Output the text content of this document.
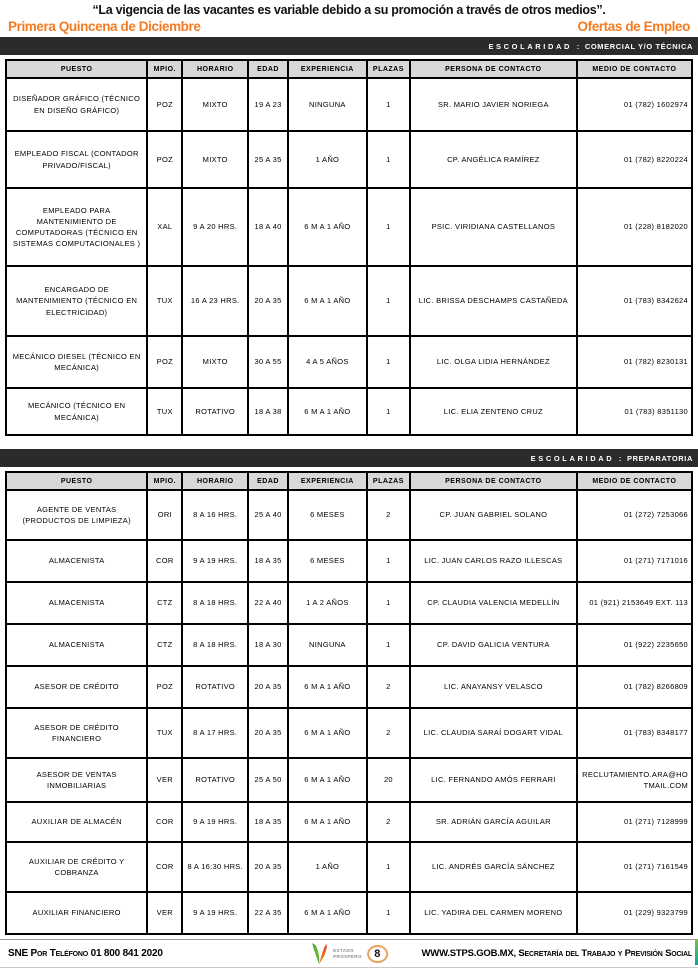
“La vigencia de las vacantes es variable debido a su promoción a través de otros medios”.
Primera Quincena de Diciembre	Ofertas de Empleo
ESCOLARIDAD : COMERCIAL Y/O TÉCNICA
PUESTO	MPIO.	HORARIO	EDAD	EXPERIENCIA	PLAZAS	PERSONA DE CONTACTO	MEDIO DE CONTACTO
DISEÑADOR GRÁFICO (TÉCNICO EN DISEÑO GRÁFICO)	POZ	MIXTO	19 A 23	NINGUNA	1	SR. MARIO JAVIER NORIEGA	01 (782) 1602974
EMPLEADO FISCAL (CONTADOR PRIVADO/FISCAL)	POZ	MIXTO	25 A 35	1 AÑO	1	CP. ANGÉLICA RAMÍREZ	01 (782) 8220224
EMPLEADO PARA MANTENIMIENTO DE COMPUTADORAS (TÉCNICO EN SISTEMAS COMPUTACIONALES )	XAL	9 A 20 HRS.	18 A 40	6 M A 1 AÑO	1	PSIC. VIRIDIANA CASTELLANOS	01 (228) 8182020
ENCARGADO DE MANTENIMIENTO (TÉCNICO EN ELECTRICIDAD)	TUX	16 A 23 HRS.	20 A 35	6 M A 1 AÑO	1	LIC. BRISSA DESCHAMPS CASTAÑEDA	01 (783) 8342624
MECÁNICO DIESEL (TÉCNICO EN MECÁNICA)	POZ	MIXTO	30 A 55	4 A 5 AÑOS	1	LIC. OLGA LIDIA HERNÁNDEZ	01 (782) 8230131
MECÁNICO (TÉCNICO EN MECÁNICA)	TUX	ROTATIVO	18 A 38	6 M A 1 AÑO	1	LIC. ELIA ZENTENO CRUZ	01 (783) 8351130
ESCOLARIDAD : PREPARATORIA
PUESTO	MPIO.	HORARIO	EDAD	EXPERIENCIA	PLAZAS	PERSONA DE CONTACTO	MEDIO DE CONTACTO
AGENTE DE VENTAS (PRODUCTOS DE LIMPIEZA)	ORI	8 A 16 HRS.	25 A 40	6 MESES	2	CP. JUAN GABRIEL SOLANO	01 (272) 7253066
ALMACENISTA	COR	9 A 19 HRS.	18 A 35	6 MESES	1	LIC. JUAN CARLOS RAZO ILLESCAS	01 (271) 7171016
ALMACENISTA	CTZ	8 A 18 HRS.	22 A 40	1 A 2 AÑOS	1	CP. CLAUDIA VALENCIA MEDELLÍN	01 (921) 2153649 EXT. 113
ALMACENISTA	CTZ	8 A 18 HRS.	18 A 30	NINGUNA	1	CP. DAVID GALICIA VENTURA	01 (922) 2235650
ASESOR DE CRÉDITO	POZ	ROTATIVO	20 A 35	6 M A 1 AÑO	2	LIC. ANAYANSY VELASCO	01 (782) 8266809
ASESOR DE CRÉDITO FINANCIERO	TUX	8 A 17 HRS.	20 A 35	6 M A 1 AÑO	2	LIC. CLAUDIA SARAÍ DOGART VIDAL	01 (783) 8348177
ASESOR DE VENTAS INMOBILIARIAS	VER	ROTATIVO	25 A 50	6 M A 1 AÑO	20	LIC. FERNANDO AMÓS FERRARI	RECLUTAMIENTO.ARA@HOTMAIL.COM
AUXILIAR DE ALMACÉN	COR	9 A 19 HRS.	18 A 35	6 M A 1 AÑO	2	SR. ADRIÁN GARCÍA AGUILAR	01 (271) 7128999
AUXILIAR DE CRÉDITO Y COBRANZA	COR	8 A 16:30 HRS.	20 A 35	1 AÑO	1	LIC. ANDRÉS GARCÍA SÁNCHEZ	01 (271) 7161549
AUXILIAR FINANCIERO	VER	9 A 19 HRS.	22 A 35	6 M A 1 AÑO	1	LIC. YADIRA DEL CARMEN MORENO	01 (229) 9323799
SNE Por Teléfono 01 800 841 2020	ESTADO
PRÓSPERO	8	WWW.STPS.GOB.MX, Secretaría del Trabajo y Previsión Social
